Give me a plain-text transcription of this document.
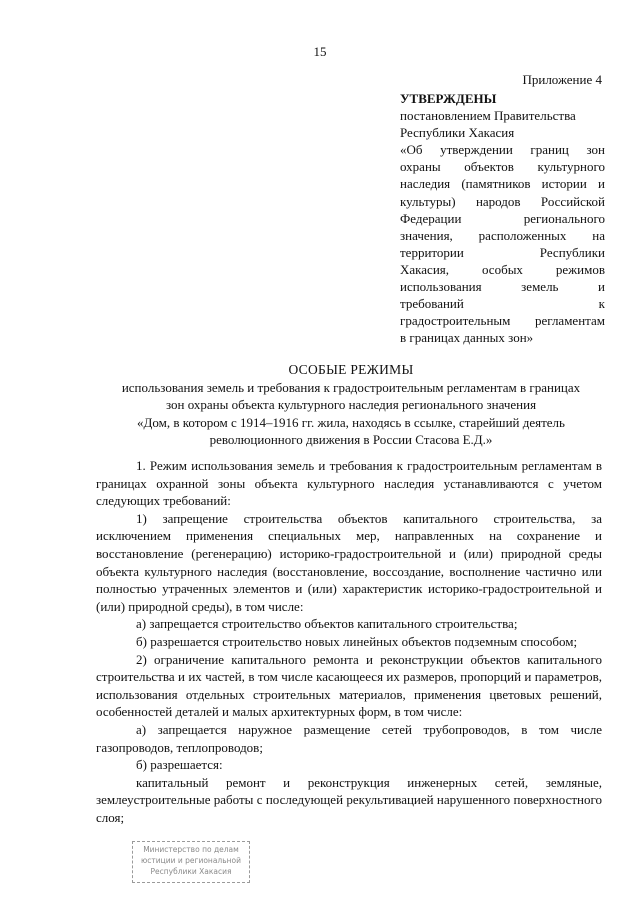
15
Приложение 4
УТВЕРЖДЕНЫ
постановлением Правительства
Республики Хакасия
«Об утверждении границ зон
охраны объектов культурного
наследия (памятников истории и
культуры) народов Российской
Федерации регионального
значения, расположенных на
территории Республики
Хакасия, особых режимов
использования земель и
требований к
градостроительным регламентам
в границах данных зон»
ОСОБЫЕ РЕЖИМЫ
использования земель и требования к градостроительным регламентам в границах
зон охраны объекта культурного наследия регионального значения
«Дом, в котором с 1914–1916 гг. жила, находясь в ссылке, старейший деятель
революционного движения в России Стасова Е.Д.»

1. Режим использования земель и требования к градостроительным регламентам в границах охранной зоны объекта культурного наследия устанавливаются с учетом следующих требований:

1) запрещение строительства объектов капитального строительства, за исключением применения специальных мер, направленных на сохранение и восстановление (регенерацию) историко-градостроительной и (или) природной среды объекта культурного наследия (восстановление, воссоздание, восполнение частично или полностью утраченных элементов и (или) характеристик историко-градостроительной и (или) природной среды), в том числе:

а) запрещается строительство объектов капитального строительства;

б) разрешается строительство новых линейных объектов подземным способом;

2) ограничение капитального ремонта и реконструкции объектов капитального строительства и их частей, в том числе касающееся их размеров, пропорций и параметров, использования отдельных строительных материалов, применения цветовых решений, особенностей деталей и малых архитектурных форм, в том числе:

а) запрещается наружное размещение сетей трубопроводов, в том числе газопроводов, теплопроводов;

б) разрешается:

капитальный ремонт и реконструкция инженерных сетей, земляные, землеустроительные работы с последующей рекультивацией нарушенного поверхностного слоя;

Министерство по делам
юстиции и региональной
Республики Хакасия
